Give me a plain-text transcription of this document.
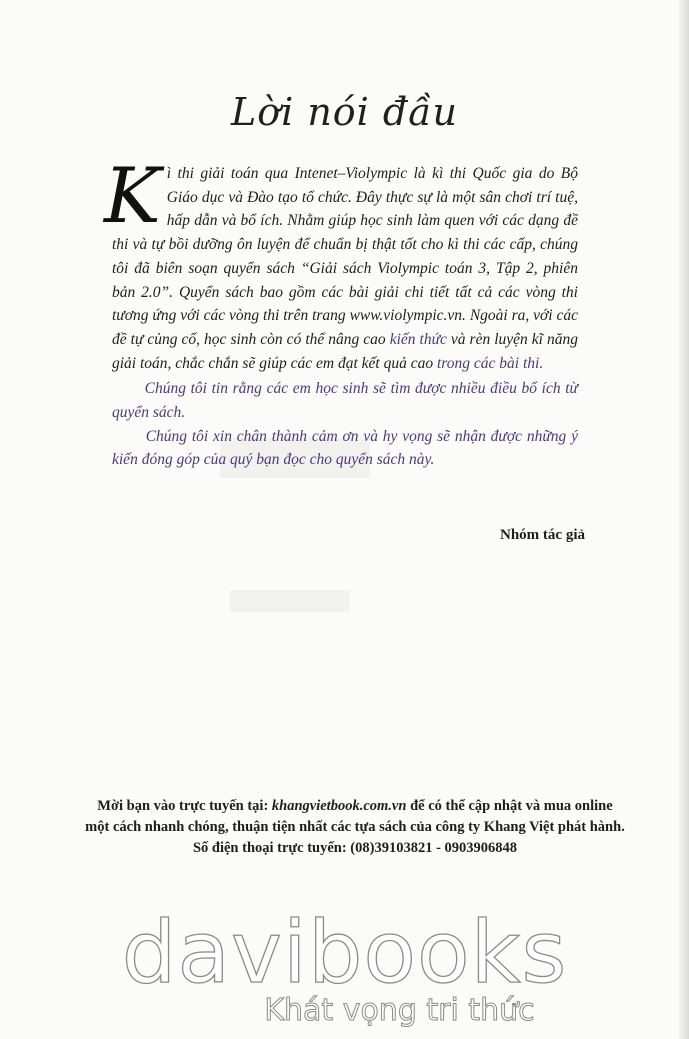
Lời nói đầu
K ì thi giải toán qua Intenet–Violympic là kì thi Quốc gia do Bộ Giáo dục và Đào tạo tổ chức. Đây thực sự là một sân chơi trí tuệ, hấp dẫn và bổ ích. Nhằm giúp học sinh làm quen với các dạng đề thi và tự bồi dưỡng ôn luyện để chuẩn bị thật tốt cho kì thi các cấp, chúng tôi đã biên soạn quyển sách “Giải sách Violympic toán 3, Tập 2, phiên bản 2.0”. Quyển sách bao gồm các bài giải chi tiết tất cả các vòng thi tương ứng với các vòng thi trên trang www.violympic.vn. Ngoài ra, với các đề tự củng cố, học sinh còn có thể nâng cao kiến thức và rèn luyện kĩ năng giải toán, chắc chắn sẽ giúp các em đạt kết quả cao trong các bài thi.

Chúng tôi tin rằng các em học sinh sẽ tìm được nhiều điều bổ ích từ quyển sách.

Chúng tôi xin chân thành cảm ơn và hy vọng sẽ nhận được những ý kiến đóng góp của quý bạn đọc cho quyển sách này.

Nhóm tác giả
Mời bạn vào trực tuyến tại: khangvietbook.com.vn để có thể cập nhật và mua online
một cách nhanh chóng, thuận tiện nhất các tựa sách của công ty Khang Việt phát hành.
Số điện thoại trực tuyến: (08)39103821 - 0903906848
davibooks
Khát vọng tri thức
